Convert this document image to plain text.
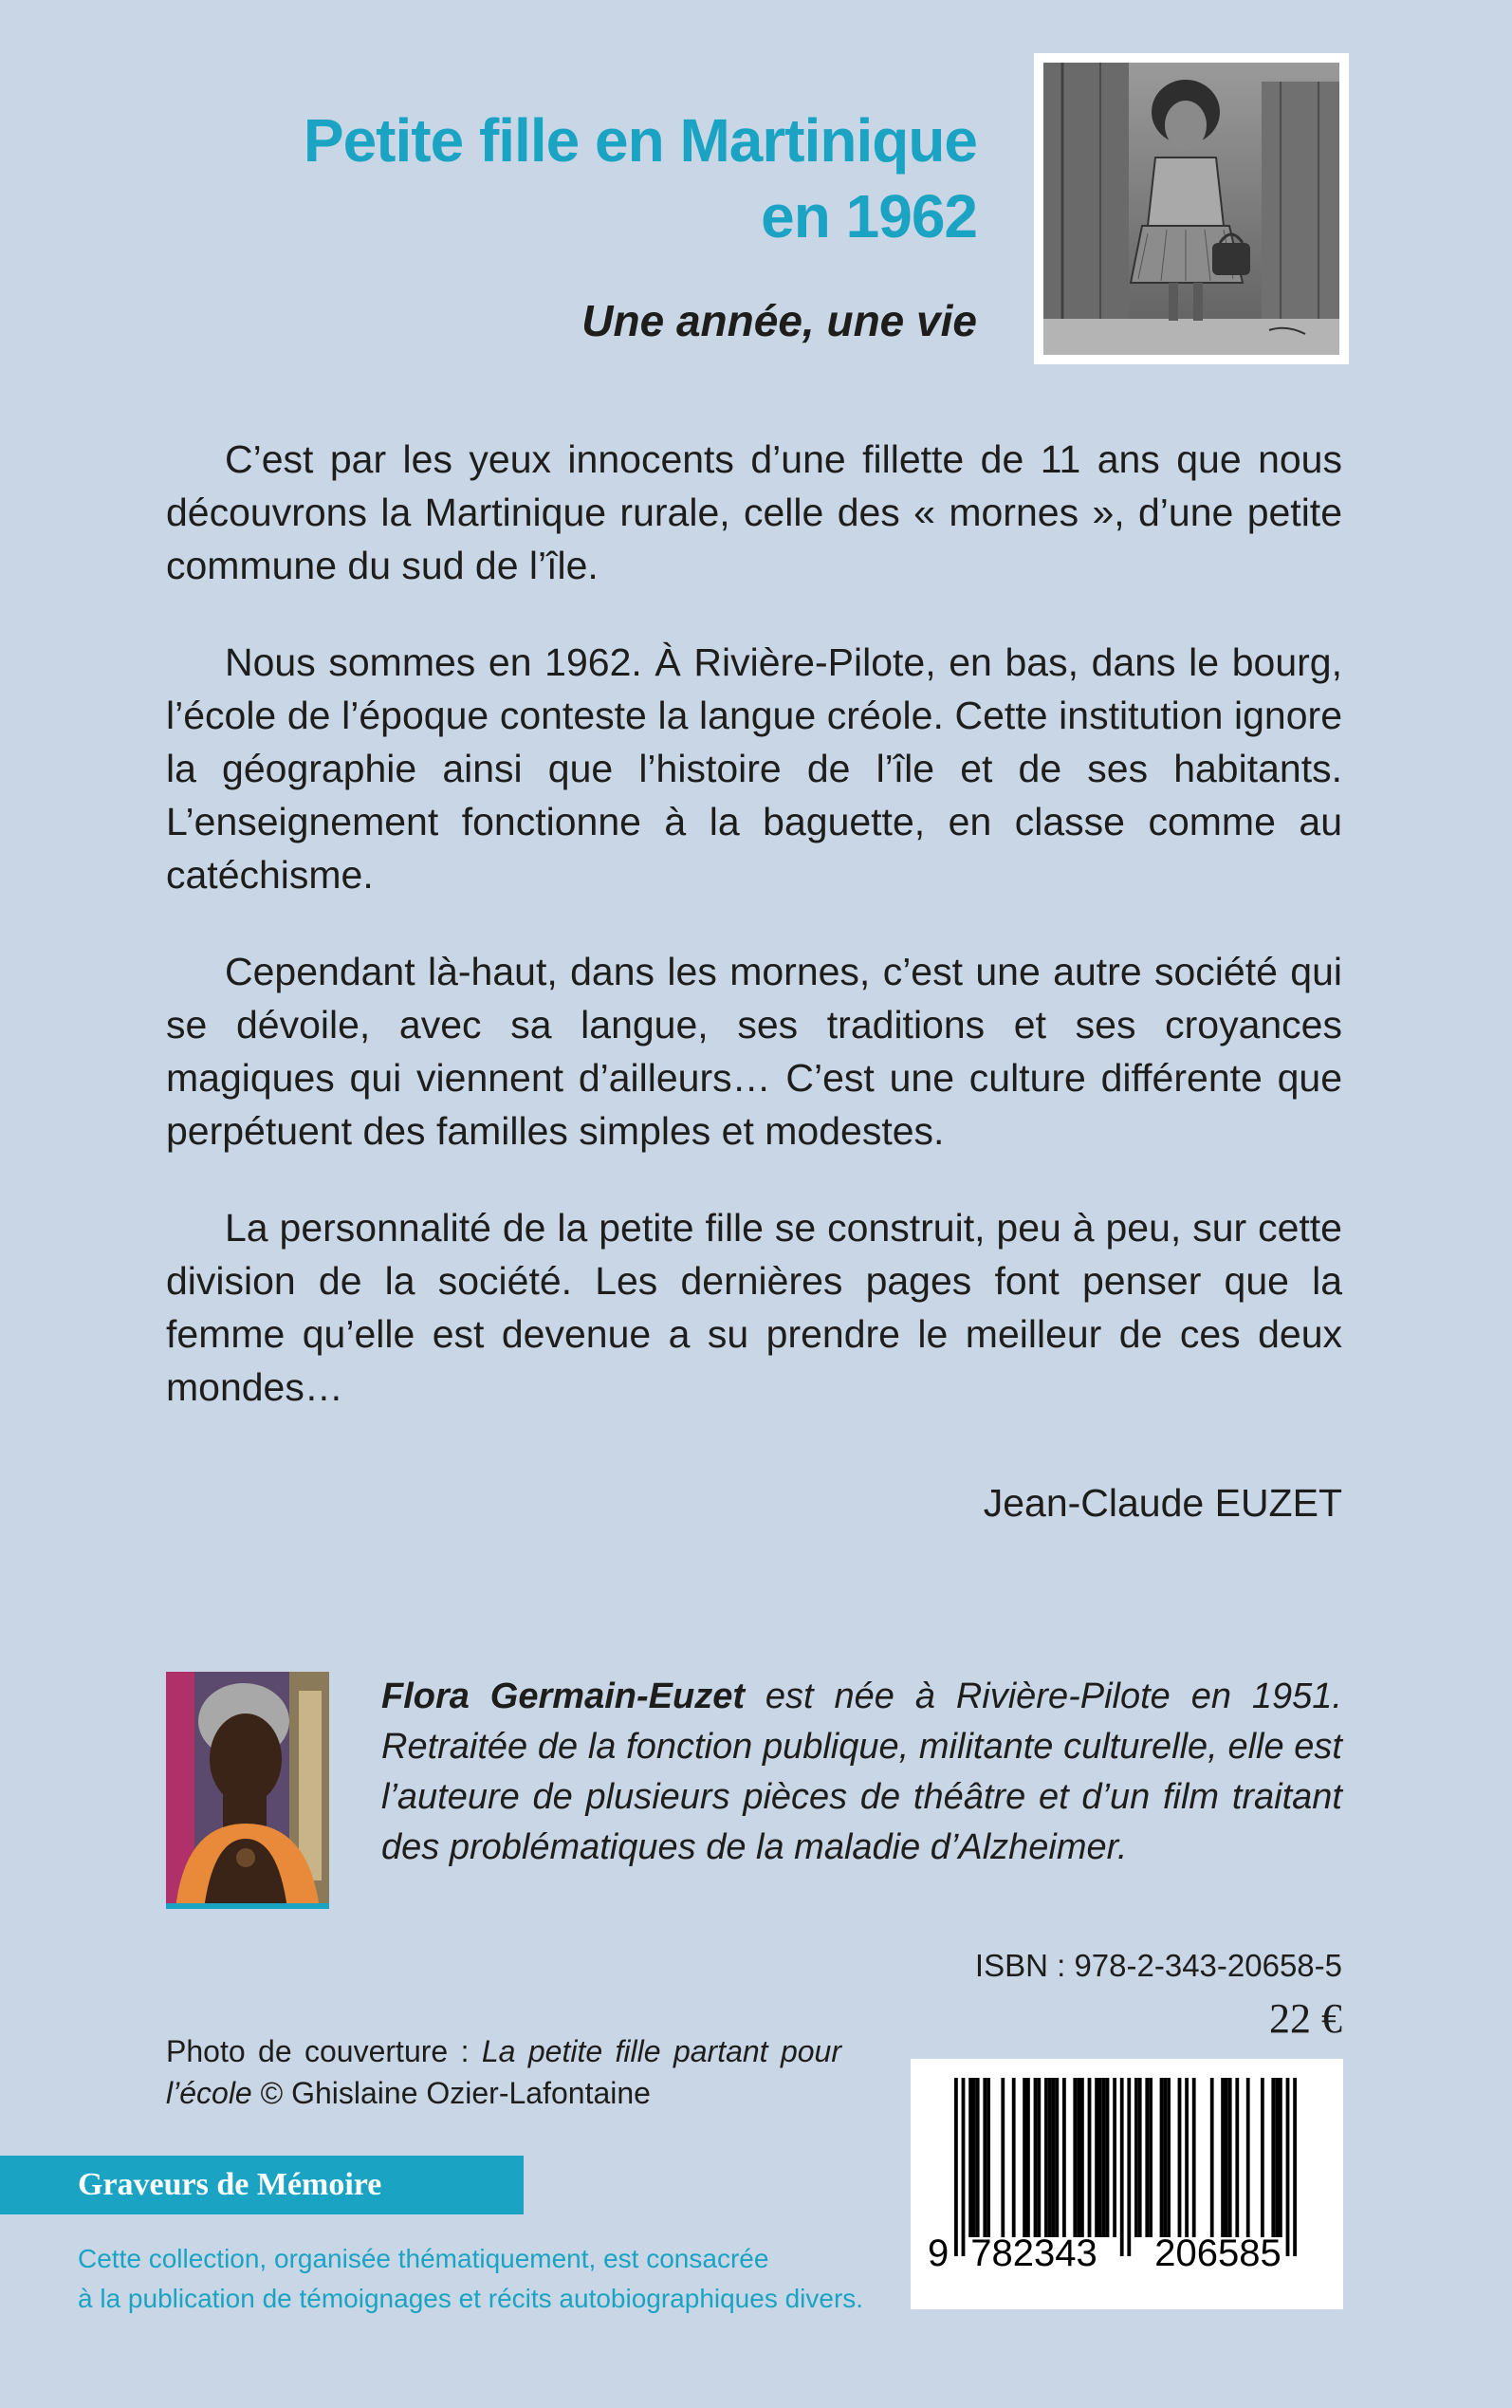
Petite fille en Martinique
en 1962
Une année, une vie

C’est par les yeux innocents d’une fillette de 11 ans que nous découvrons la Martinique rurale, celle des « mornes », d’une petite commune du sud de l’île.

Nous sommes en 1962. À Rivière-Pilote, en bas, dans le bourg, l’école de l’époque conteste la langue créole. Cette institution ignore la géographie ainsi que l’histoire de l’île et de ses habitants. L’enseignement fonctionne à la baguette, en classe comme au catéchisme.

Cependant là-haut, dans les mornes, c’est une autre société qui se dévoile, avec sa langue, ses traditions et ses croyances magiques qui viennent d’ailleurs… C’est une culture différente que perpétuent des familles simples et modestes.

La personnalité de la petite fille se construit, peu à peu, sur cette division de la société. Les dernières pages font penser que la femme qu’elle est devenue a su prendre le meilleur de ces deux mondes…

Jean-Claude EUZET
Flora Germain-Euzet est née à Rivière-Pilote en 1951. Retraitée de la fonction publique, militante culturelle, elle est l’auteure de plusieurs pièces de théâtre et d’un film traitant des problématiques de la maladie d’Alzheimer.
ISBN : 978-2-343-20658-5
22 €
Photo de couverture : La petite fille partant pour l’école © Ghislaine Ozier-Lafontaine
9 782343 206585
Graveurs de Mémoire
Cette collection, organisée thématiquement, est consacrée
à la publication de témoignages et récits autobiographiques divers.
